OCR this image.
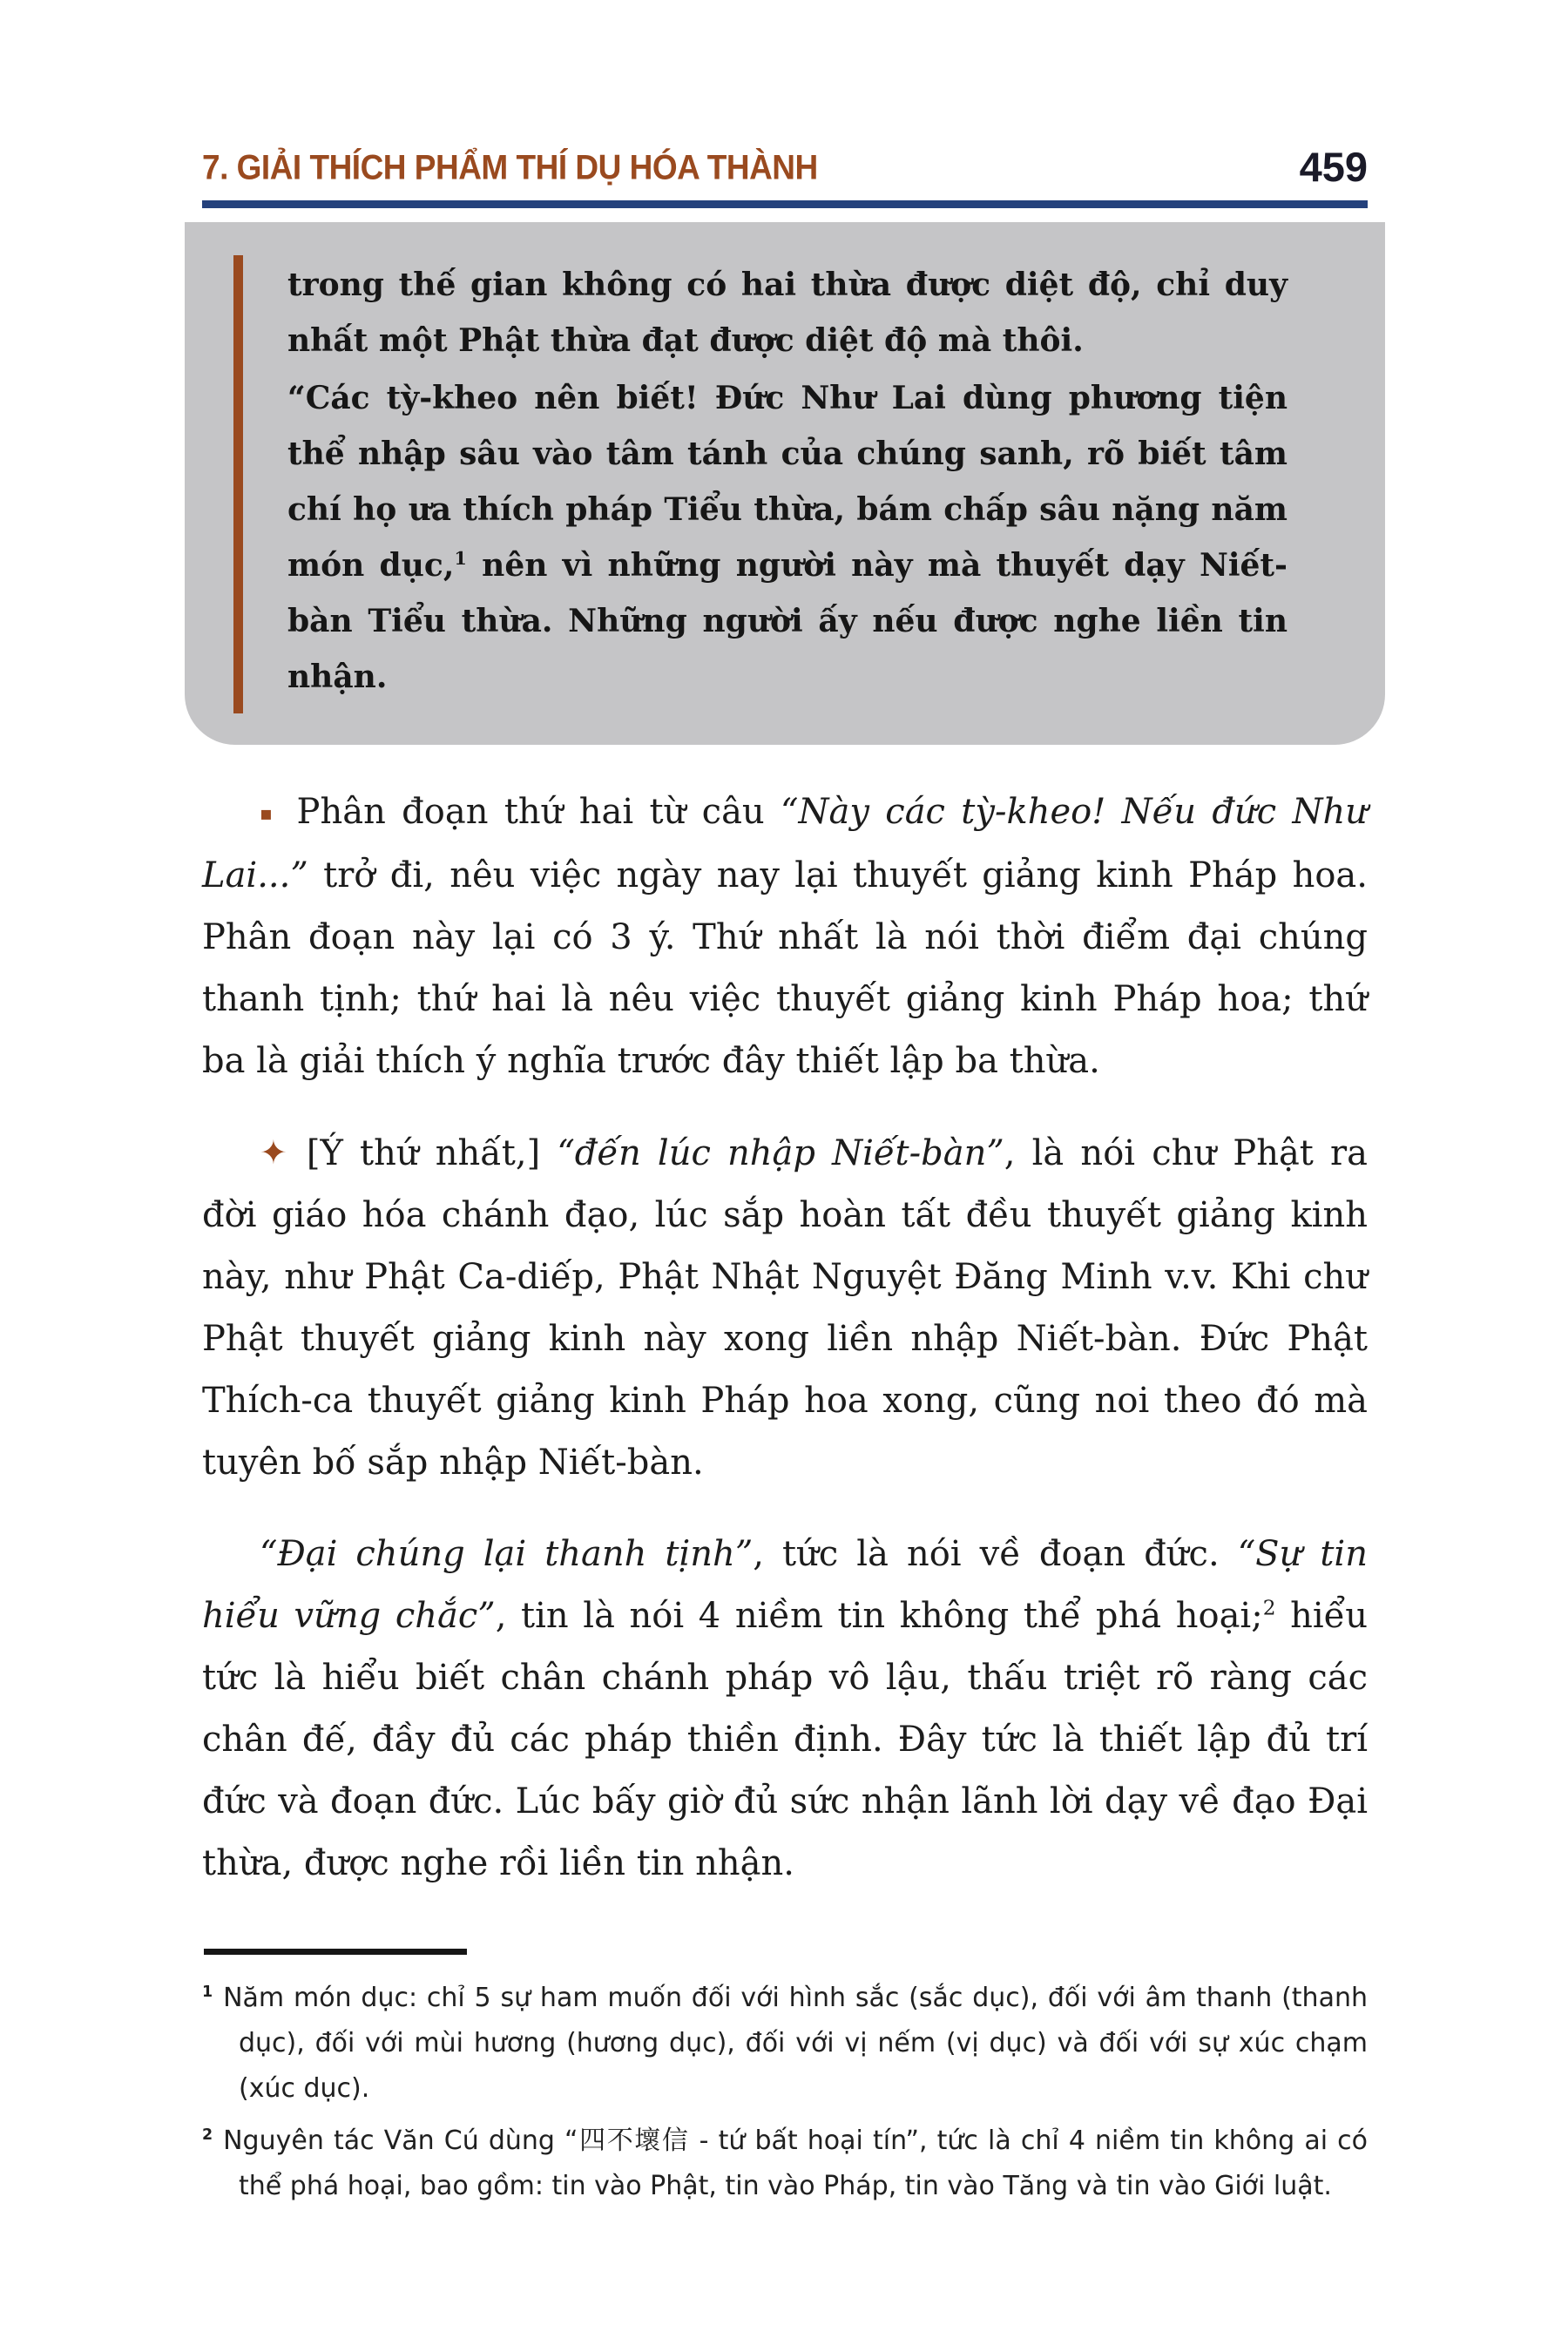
7. GIẢI THÍCH PHẨM THÍ DỤ HÓA THÀNH	459

trong thế gian không có hai thừa được diệt độ, chỉ duy nhất một Phật thừa đạt được diệt độ mà thôi.

“Các tỳ-kheo nên biết! Đức Như Lai dùng phương tiện thể nhập sâu vào tâm tánh của chúng sanh, rõ biết tâm chí họ ưa thích pháp Tiểu thừa, bám chấp sâu nặng năm món dục,$^1$ nên vì những người này mà thuyết dạy Niết-bàn Tiểu thừa. Những người ấy nếu được nghe liền tin nhận.

▪ Phân đoạn thứ hai từ câu “Này các tỳ-kheo! Nếu đức Như Lai...” trở đi, nêu việc ngày nay lại thuyết giảng kinh Pháp hoa. Phân đoạn này lại có 3 ý. Thứ nhất là nói thời điểm đại chúng thanh tịnh; thứ hai là nêu việc thuyết giảng kinh Pháp hoa; thứ ba là giải thích ý nghĩa trước đây thiết lập ba thừa.

✦ [Ý thứ nhất,] “đến lúc nhập Niết-bàn”, là nói chư Phật ra đời giáo hóa chánh đạo, lúc sắp hoàn tất đều thuyết giảng kinh này, như Phật Ca-diếp, Phật Nhật Nguyệt Đăng Minh v.v. Khi chư Phật thuyết giảng kinh này xong liền nhập Niết-bàn. Đức Phật Thích-ca thuyết giảng kinh Pháp hoa xong, cũng noi theo đó mà tuyên bố sắp nhập Niết-bàn.

“Đại chúng lại thanh tịnh”, tức là nói về đoạn đức. “Sự tin hiểu vững chắc”, tin là nói 4 niềm tin không thể phá hoại;$^2$ hiểu tức là hiểu biết chân chánh pháp vô lậu, thấu triệt rõ ràng các chân đế, đầy đủ các pháp thiền định. Đây tức là thiết lập đủ trí đức và đoạn đức. Lúc bấy giờ đủ sức nhận lãnh lời dạy về đạo Đại thừa, được nghe rồi liền tin nhận.

$^1$ Năm món dục: chỉ 5 sự ham muốn đối với hình sắc (sắc dục), đối với âm thanh (thanh dục), đối với mùi hương (hương dục), đối với vị nếm (vị dục) và đối với sự xúc chạm (xúc dục).
$^2$ Nguyên tác Văn Cú dùng “四不壞信 - tứ bất hoại tín”, tức là chỉ 4 niềm tin không ai có thể phá hoại, bao gồm: tin vào Phật, tin vào Pháp, tin vào Tăng và tin vào Giới luật.
